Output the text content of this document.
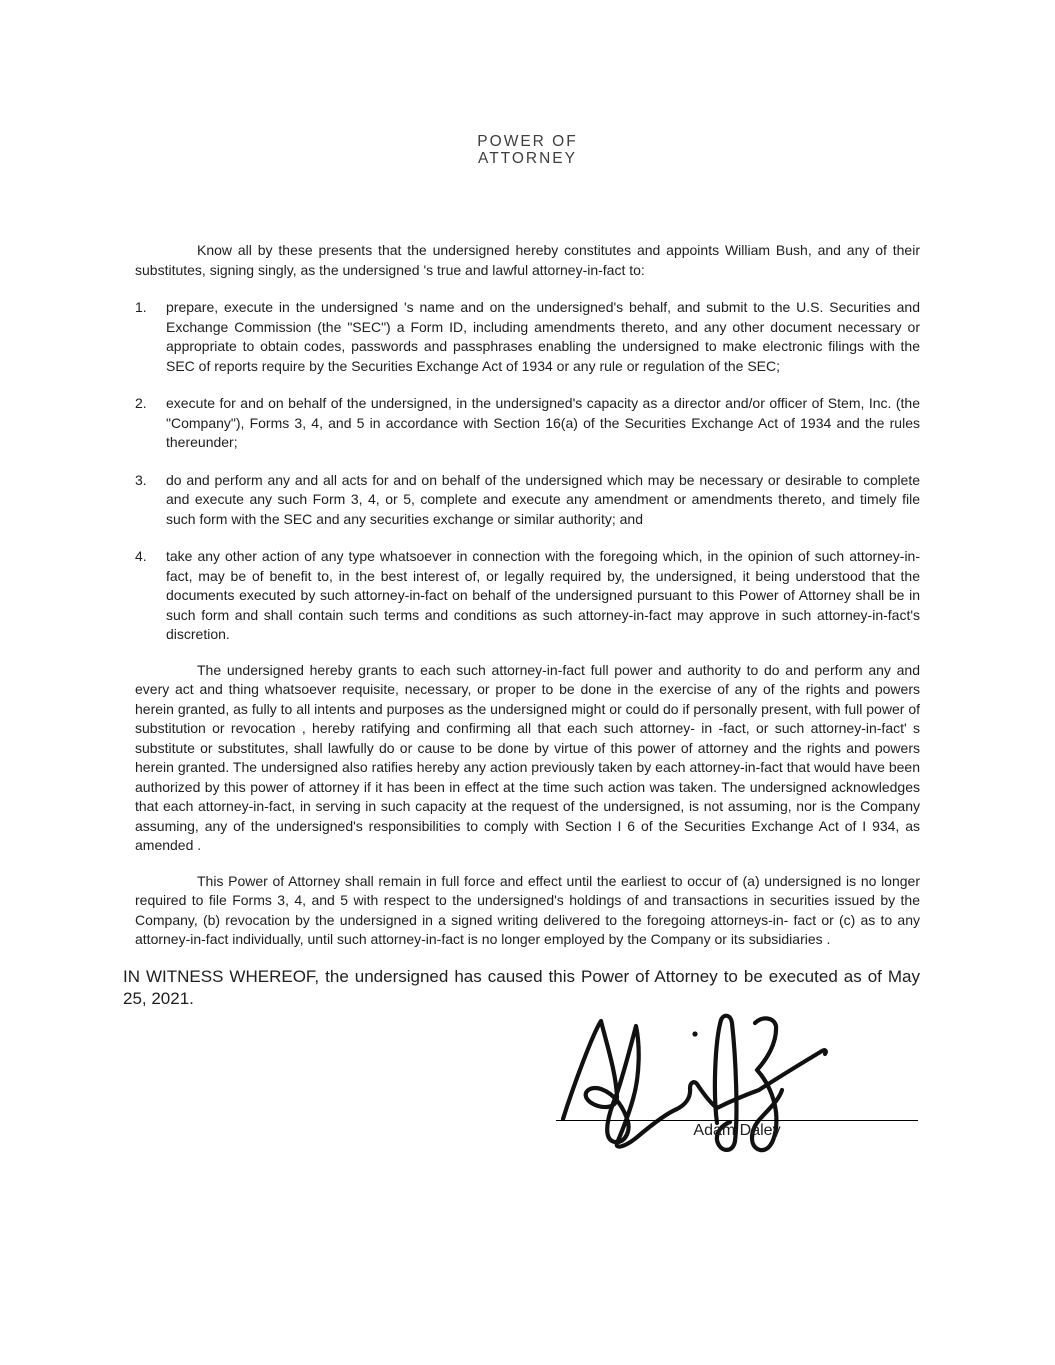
POWER OF
ATTORNEY
Know all by these presents that the undersigned hereby constitutes and appoints William Bush, and any of their substitutes, signing singly, as the undersigned 's true and lawful attorney-in-fact to:
1.	prepare, execute in the undersigned 's name and on the undersigned's behalf, and submit to the U.S. Securities and Exchange Commission (the "SEC") a Form ID, including amendments thereto, and any other document necessary or appropriate to obtain codes, passwords and passphrases enabling the undersigned to make electronic filings with the SEC of reports require by the Securities Exchange Act of 1934 or any rule or regulation of the SEC;
2.	execute for and on behalf of the undersigned, in the undersigned's capacity as a director and/or officer of Stem, Inc. (the "Company"), Forms 3, 4, and 5 in accordance with Section 16(a) of the Securities Exchange Act of 1934 and the rules thereunder;
3.	do and perform any and all acts for and on behalf of the undersigned which may be necessary or desirable to complete and execute any such Form 3, 4, or 5, complete and execute any amendment or amendments thereto, and timely file such form with the SEC and any securities exchange or similar authority; and
4.	take any other action of any type whatsoever in connection with the foregoing which, in the opinion of such attorney-in-fact, may be of benefit to, in the best interest of, or legally required by, the undersigned, it being understood that the documents executed by such attorney-in-fact on behalf of the undersigned pursuant to this Power of Attorney shall be in such form and shall contain such terms and conditions as such attorney-in-fact may approve in such attorney-in-fact's discretion.
The undersigned hereby grants to each such attorney-in-fact full power and authority to do and perform any and every act and thing whatsoever requisite, necessary, or proper to be done in the exercise of any of the rights and powers herein granted, as fully to all intents and purposes as the undersigned might or could do if personally present, with full power of substitution or revocation , hereby ratifying and confirming all that each such attorney- in -fact, or such attorney-in-fact' s substitute or substitutes, shall lawfully do or cause to be done by virtue of this power of attorney and the rights and powers herein granted. The undersigned also ratifies hereby any action previously taken by each attorney-in-fact that would have been authorized by this power of attorney if it has been in effect at the time such action was taken. The undersigned acknowledges that each attorney-in-fact, in serving in such capacity at the request of the undersigned, is not assuming, nor is the Company assuming, any of the undersigned's responsibilities to comply with Section I 6 of the Securities Exchange Act of I 934, as amended .
This Power of Attorney shall remain in full force and effect until the earliest to occur of (a) undersigned is no longer required to file Forms 3, 4, and 5 with respect to the undersigned's holdings of and transactions in securities issued by the Company, (b) revocation by the undersigned in a signed writing delivered to the foregoing attorneys-in- fact or (c) as to any attorney-in-fact individually, until such attorney-in-fact is no longer employed by the Company or its subsidiaries .
IN WITNESS WHEREOF, the undersigned has caused this Power of Attorney to be executed as of May 25, 2021.
Adam Daley
